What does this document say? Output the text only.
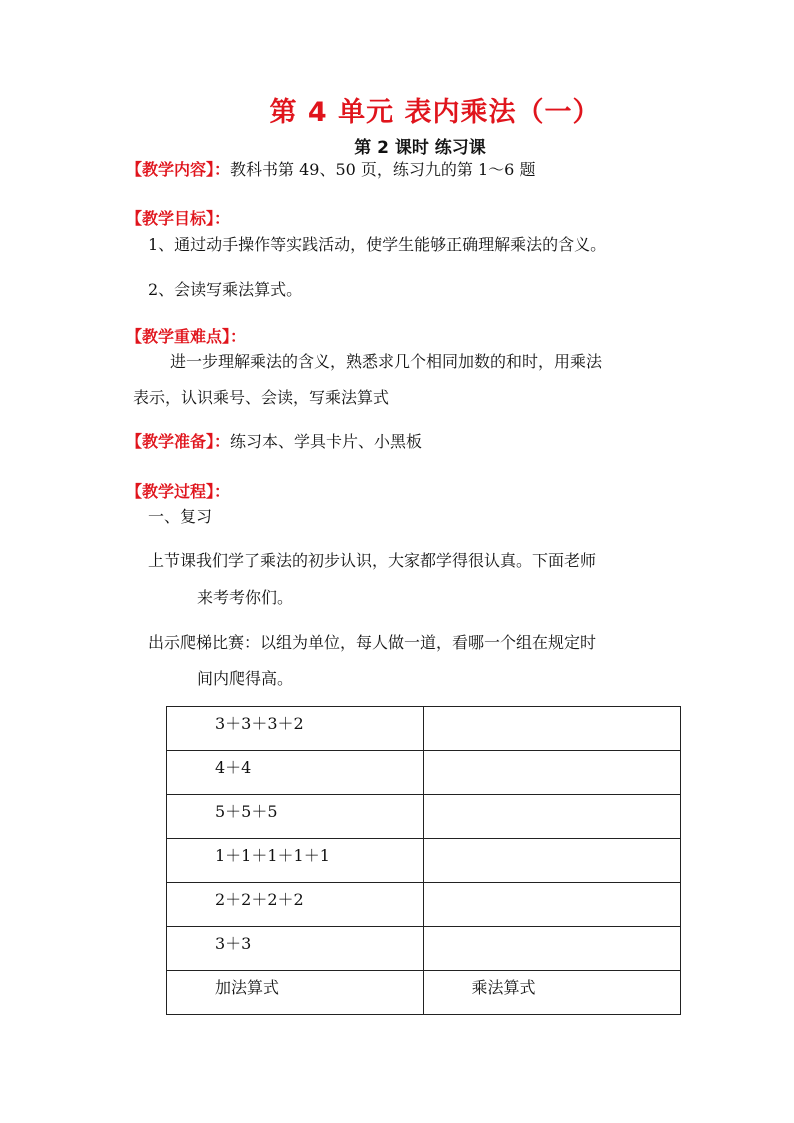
第 4 单元 表内乘法（一）
第 2 课时 练习课
【教学内容】：教科书第 49、50 页，练习九的第 1～6 题
【教学目标】：
1、通过动手操作等实践活动，使学生能够正确理解乘法的含义。
2、会读写乘法算式。
【教学重难点】：
进一步理解乘法的含义，熟悉求几个相同加数的和时，用乘法
表示，认识乘号、会读，写乘法算式
【教学准备】：练习本、学具卡片、小黑板
【教学过程】：
一、复习
上节课我们学了乘法的初步认识，大家都学得很认真。下面老师
来考考你们。
出示爬梯比赛：以组为单位，每人做一道，看哪一个组在规定时
间内爬得高。
3＋3＋3＋2	
4＋4	
5＋5＋5	
1＋1＋1＋1＋1	
2＋2＋2＋2	
3＋3	
加法算式	乘法算式
